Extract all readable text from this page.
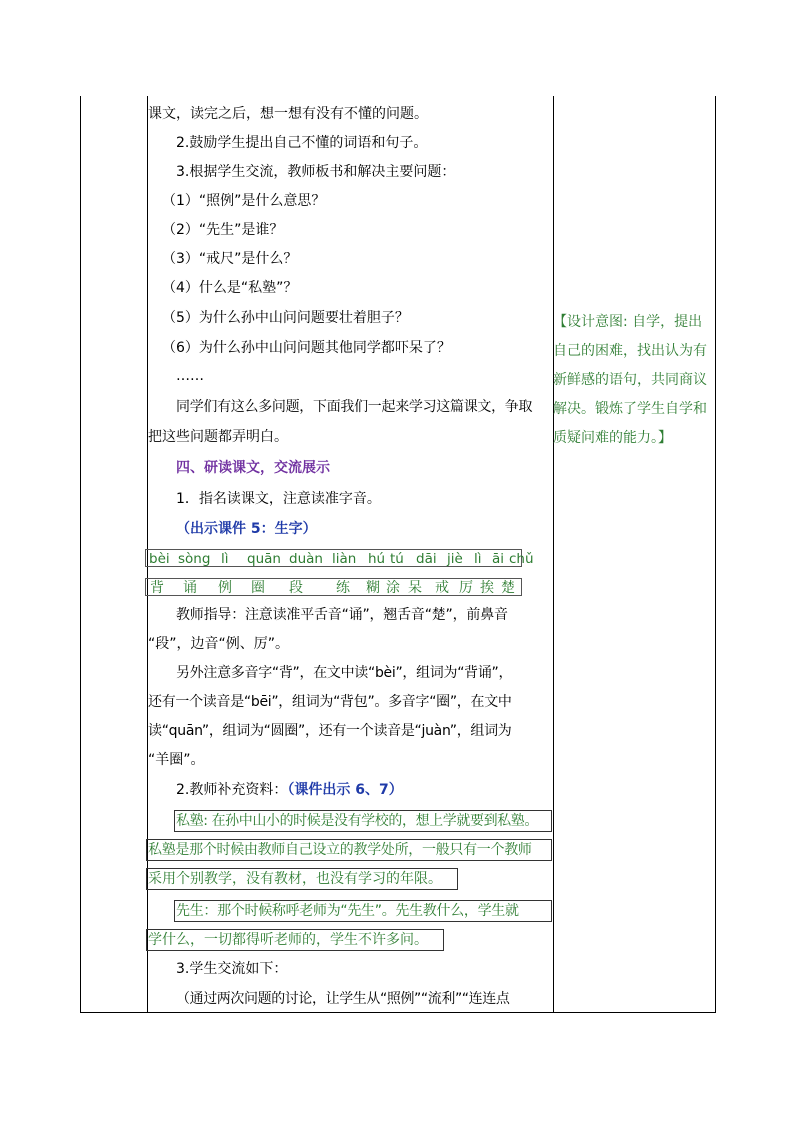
课文，读完之后，想一想有没有不懂的问题。
2.鼓励学生提出自己不懂的词语和句子。
3.根据学生交流，教师板书和解决主要问题：
（1）“照例”是什么意思？
（2）“先生”是谁？
（3）“戒尺”是什么？
（4）什么是“私塾”？
（5）为什么孙中山问问题要壮着胆子？
（6）为什么孙中山问问题其他同学都吓呆了？
……
同学们有这么多问题，下面我们一起来学习这篇课文，争取
把这些问题都弄明白。
四、研读课文，交流展示
1．指名读课文，注意读准字音。
（出示课件 5：生字）
bèi sòng lì quān duàn liàn hú tú dāi jiè lì āi chǔ
背 诵 例 圈 段 练 糊 涂 呆 戒 厉 挨 楚
教师指导：注意读准平舌音“诵”，翘舌音“楚”，前鼻音
“段”，边音“例、厉”。
另外注意多音字“背”，在文中读“bèi”，组词为“背诵”，
还有一个读音是“bēi”，组词为“背包”。多音字“圈”，在文中
读“quān”，组词为“圆圈”，还有一个读音是“juàn”，组词为
“羊圈”。
2.教师补充资料：（课件出示 6、7）
私塾: 在孙中山小的时候是没有学校的，想上学就要到私塾。
私塾是那个时候由教师自己设立的教学处所，一般只有一个教师
采用个别教学，没有教材，也没有学习的年限。
先生：那个时候称呼老师为“先生”。先生教什么，学生就
学什么，一切都得听老师的，学生不许多问。
3.学生交流如下：
（通过两次问题的讨论，让学生从“照例”“流利”“连连点
【设计意图: 自学，提出
自己的困难，找出认为有
新鲜感的语句，共同商议
解决。锻炼了学生自学和
质疑问难的能力。】
